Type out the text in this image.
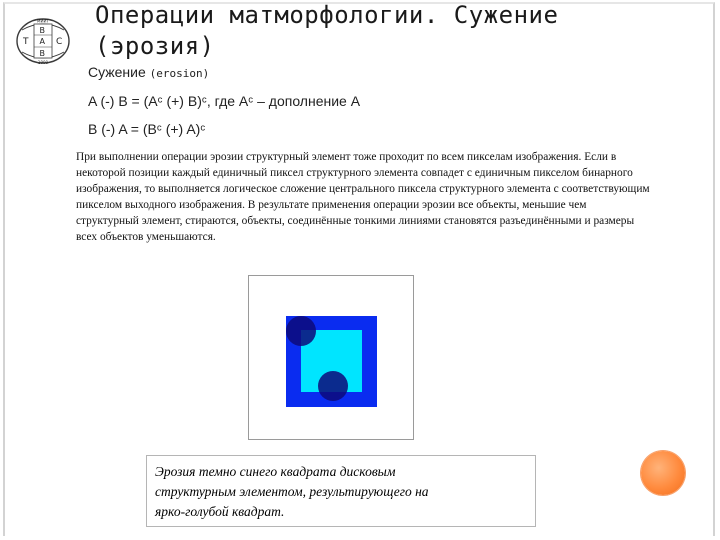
Т
В
А С
В
МИИТ
1900
Операции матморфологии. Сужение
(эрозия)
Сужение (erosion)
A (-) B = (Aᶜ (+) B)ᶜ, где Aᶜ – дополнение A
B (-) A = (Bᶜ (+) A)ᶜ

При выполнении операции эрозии структурный элемент тоже проходит по всем пикселам изображения. Если в некоторой позиции каждый единичный пиксел структурного элемента совпадет с единичным пикселом бинарного изображения, то выполняется логическое сложение центрального пиксела структурного элемента с соответствующим пикселом выходного изображения. В результате применения операции эрозии все объекты, меньшие чем структурный элемент, стираются, объекты, соединённые тонкими линиями становятся разъединёнными и размеры всех объектов уменьшаются.

Эрозия темно синего квадрата дисковым
структурным элементом, результирующего на
ярко-голубой квадрат.
